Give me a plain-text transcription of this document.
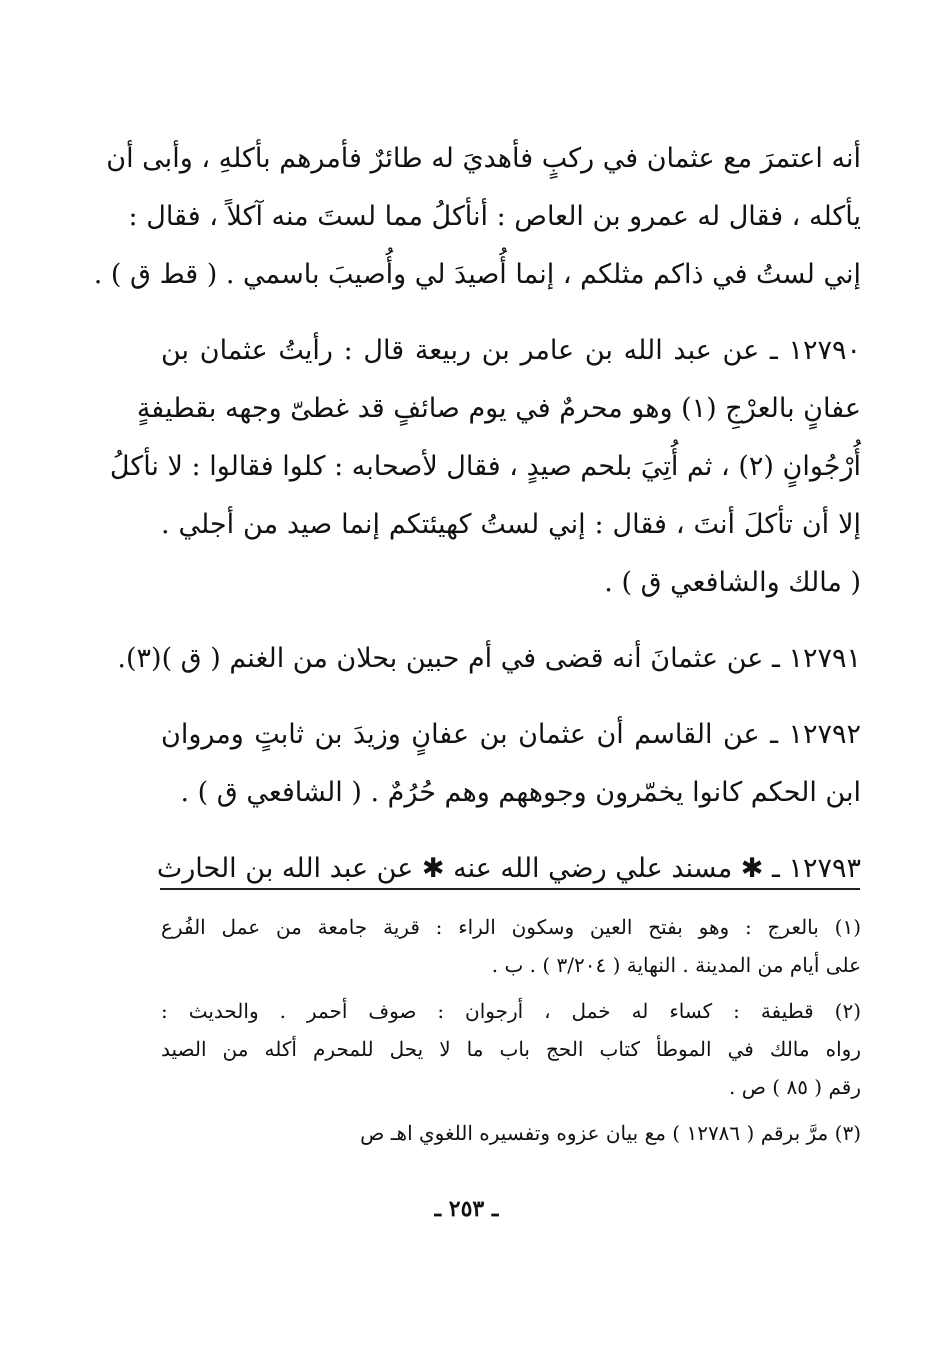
أنه اعتمرَ مع عثمان في ركبٍ فأهديَ له طائرٌ فأمرهم بأكلهِ ، وأبى أن
يأكله ، فقال له عمرو بن العاص : أنأكلُ مما لستَ منه آكلاً ، فقال :
إني لستُ في ذاكم مثلكم ، إنما أُصيدَ لي وأُصيبَ باسمي . ( قط ق ) .
١٢٧٩٠ ـ عن عبد الله بن عامر بن ربيعة قال : رأيتُ عثمان بن
عفانٍ بالعرْجِ (١) وهو محرمٌ في يوم صائفٍ قد غطىّ وجهه بقطيفةٍ
أُرْجُوانٍ (٢) ، ثم أُتِيَ بلحم صيدٍ ، فقال لأصحابه : كلوا فقالوا : لا نأكلُ
إلا أن تأكلَ أنتَ ، فقال : إني لستُ كهيئتكم إنما صيد من أجلي .
( مالك والشافعي ق ) .
١٢٧٩١ ـ عن عثمانَ أنه قضى في أم حبين بحلان من الغنم ( ق )(٣).
١٢٧٩٢ ـ عن القاسم أن عثمان بن عفانٍ وزيدَ بن ثابتٍ ومروان
ابن الحكم كانوا يخمّرون وجوههم وهم حُرُمٌ . ( الشافعي ق ) .
١٢٧٩٣ ـ ✱ مسند علي رضي الله عنه ✱ عن عبد الله بن الحارث
(١) بالعرج : وهو بفتح العين وسكون الراء : قرية جامعة من عمل الفُرع
على أيام من المدينة . النهاية ( ٣/٢٠٤ ) . ب .
(٢) قطيفة : كساء له خمل ، أرجوان : صوف أحمر . والحديث :
رواه مالك في الموطأ كتاب الحج باب ما لا يحل للمحرم أكله من الصيد
رقم ( ٨٥ ) ص .
(٣) مرَّ برقم ( ١٢٧٨٦ ) مع بيان عزوه وتفسيره اللغوي اهـ ص
ـ ٢٥٣ ـ
